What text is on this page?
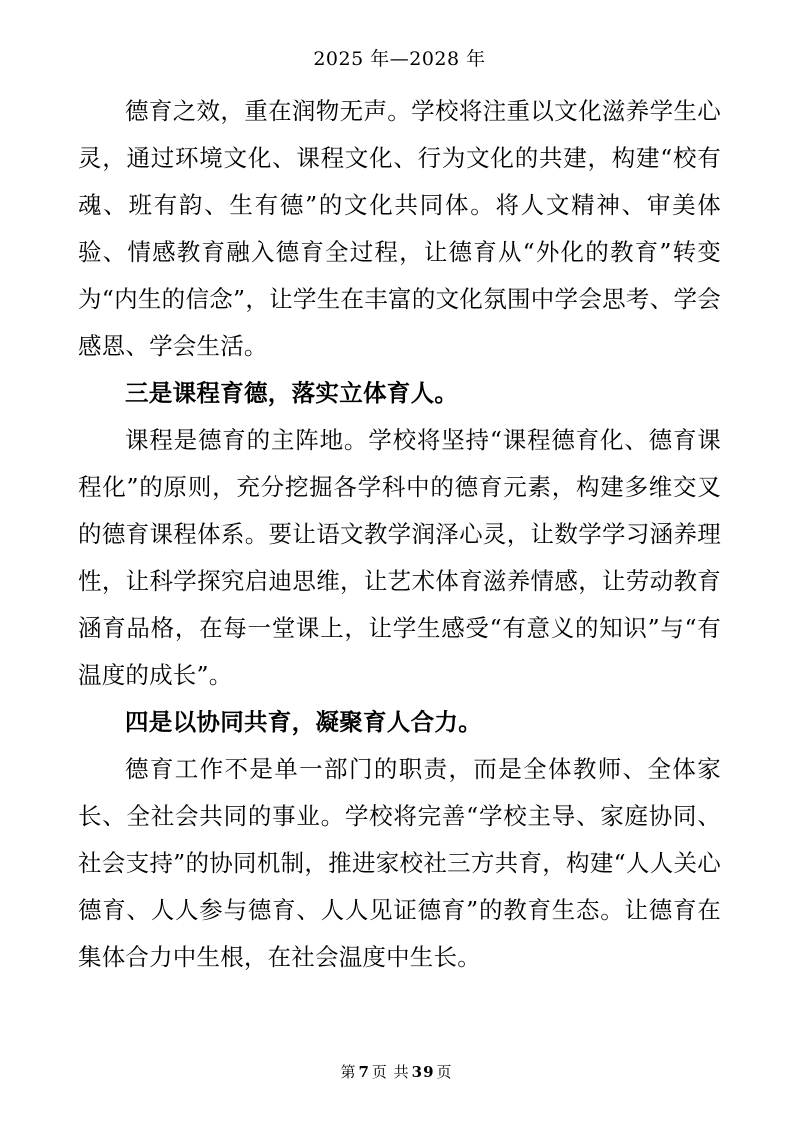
2025 年—2028 年

德育之效，重在润物无声。学校将注重以文化滋养学生心灵，通过环境文化、课程文化、行为文化的共建，构建“校有魂、班有韵、生有德”的文化共同体。将人文精神、审美体验、情感教育融入德育全过程，让德育从“外化的教育”转变为“内生的信念”，让学生在丰富的文化氛围中学会思考、学会感恩、学会生活。

三是课程育德，落实立体育人。

课程是德育的主阵地。学校将坚持“课程德育化、德育课程化”的原则，充分挖掘各学科中的德育元素，构建多维交叉的德育课程体系。要让语文教学润泽心灵，让数学学习涵养理性，让科学探究启迪思维，让艺术体育滋养情感，让劳动教育涵育品格，在每一堂课上，让学生感受“有意义的知识”与“有温度的成长”。

四是以协同共育，凝聚育人合力。

德育工作不是单一部门的职责，而是全体教师、全体家长、全社会共同的事业。学校将完善“学校主导、家庭协同、社会支持”的协同机制，推进家校社三方共育，构建“人人关心德育、人人参与德育、人人见证德育”的教育生态。让德育在集体合力中生根，在社会温度中生长。

第 7 页 共 39 页
